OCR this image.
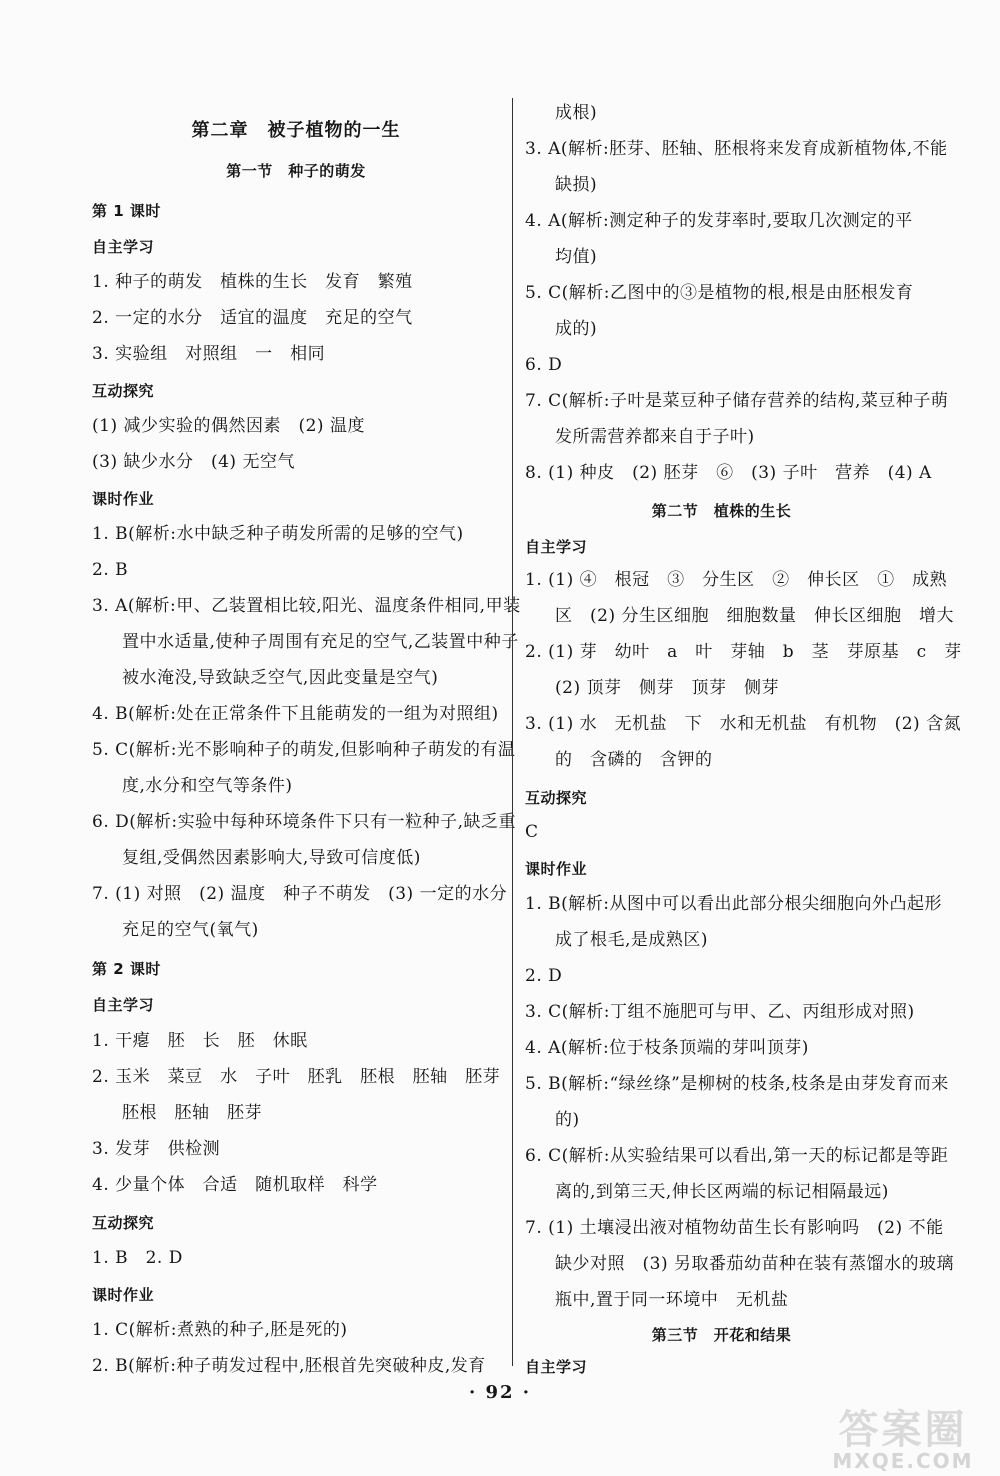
第二章　被子植物的一生
第一节　种子的萌发
第 1 课时
自主学习
1. 种子的萌发　植株的生长　发育　繁殖
2. 一定的水分　适宜的温度　充足的空气
3. 实验组　对照组　一　相同
互动探究
(1) 减少实验的偶然因素　(2) 温度
(3) 缺少水分　(4) 无空气
课时作业
1. B(解析:水中缺乏种子萌发所需的足够的空气)
2. B
3. A(解析:甲、乙装置相比较,阳光、温度条件相同,甲装
置中水适量,使种子周围有充足的空气,乙装置中种子
被水淹没,导致缺乏空气,因此变量是空气)
4. B(解析:处在正常条件下且能萌发的一组为对照组)
5. C(解析:光不影响种子的萌发,但影响种子萌发的有温
度,水分和空气等条件)
6. D(解析:实验中每种环境条件下只有一粒种子,缺乏重
复组,受偶然因素影响大,导致可信度低)
7. (1) 对照　(2) 温度　种子不萌发　(3) 一定的水分
充足的空气(氧气)
第 2 课时
自主学习
1. 干瘪　胚　长　胚　休眠
2. 玉米　菜豆　水　子叶　胚乳　胚根　胚轴　胚芽
胚根　胚轴　胚芽
3. 发芽　供检测
4. 少量个体　合适　随机取样　科学
互动探究
1. B　2. D
课时作业
1. C(解析:煮熟的种子,胚是死的)
2. B(解析:种子萌发过程中,胚根首先突破种皮,发育
成根)
3. A(解析:胚芽、胚轴、胚根将来发育成新植物体,不能
缺损)
4. A(解析:测定种子的发芽率时,要取几次测定的平
均值)
5. C(解析:乙图中的③是植物的根,根是由胚根发育
成的)
6. D
7. C(解析:子叶是菜豆种子储存营养的结构,菜豆种子萌
发所需营养都来自于子叶)
8. (1) 种皮　(2) 胚芽　⑥　(3) 子叶　营养　(4) A
第二节　植株的生长
自主学习
1. (1) ④　根冠　③　分生区　②　伸长区　①　成熟
区　(2) 分生区细胞　细胞数量　伸长区细胞　增大
2. (1) 芽　幼叶　a　叶　芽轴　b　茎　芽原基　c　芽
(2) 顶芽　侧芽　顶芽　侧芽
3. (1) 水　无机盐　下　水和无机盐　有机物　(2) 含氮
的　含磷的　含钾的
互动探究
C
课时作业
1. B(解析:从图中可以看出此部分根尖细胞向外凸起形
成了根毛,是成熟区)
2. D
3. C(解析:丁组不施肥可与甲、乙、丙组形成对照)
4. A(解析:位于枝条顶端的芽叫顶芽)
5. B(解析:“绿丝绦”是柳树的枝条,枝条是由芽发育而来
的)
6. C(解析:从实验结果可以看出,第一天的标记都是等距
离的,到第三天,伸长区两端的标记相隔最远)
7. (1) 土壤浸出液对植物幼苗生长有影响吗　(2) 不能
缺少对照　(3) 另取番茄幼苗种在装有蒸馏水的玻璃
瓶中,置于同一环境中　无机盐
第三节　开花和结果
自主学习
· 92 ·
答案圈
MXQE.COM
